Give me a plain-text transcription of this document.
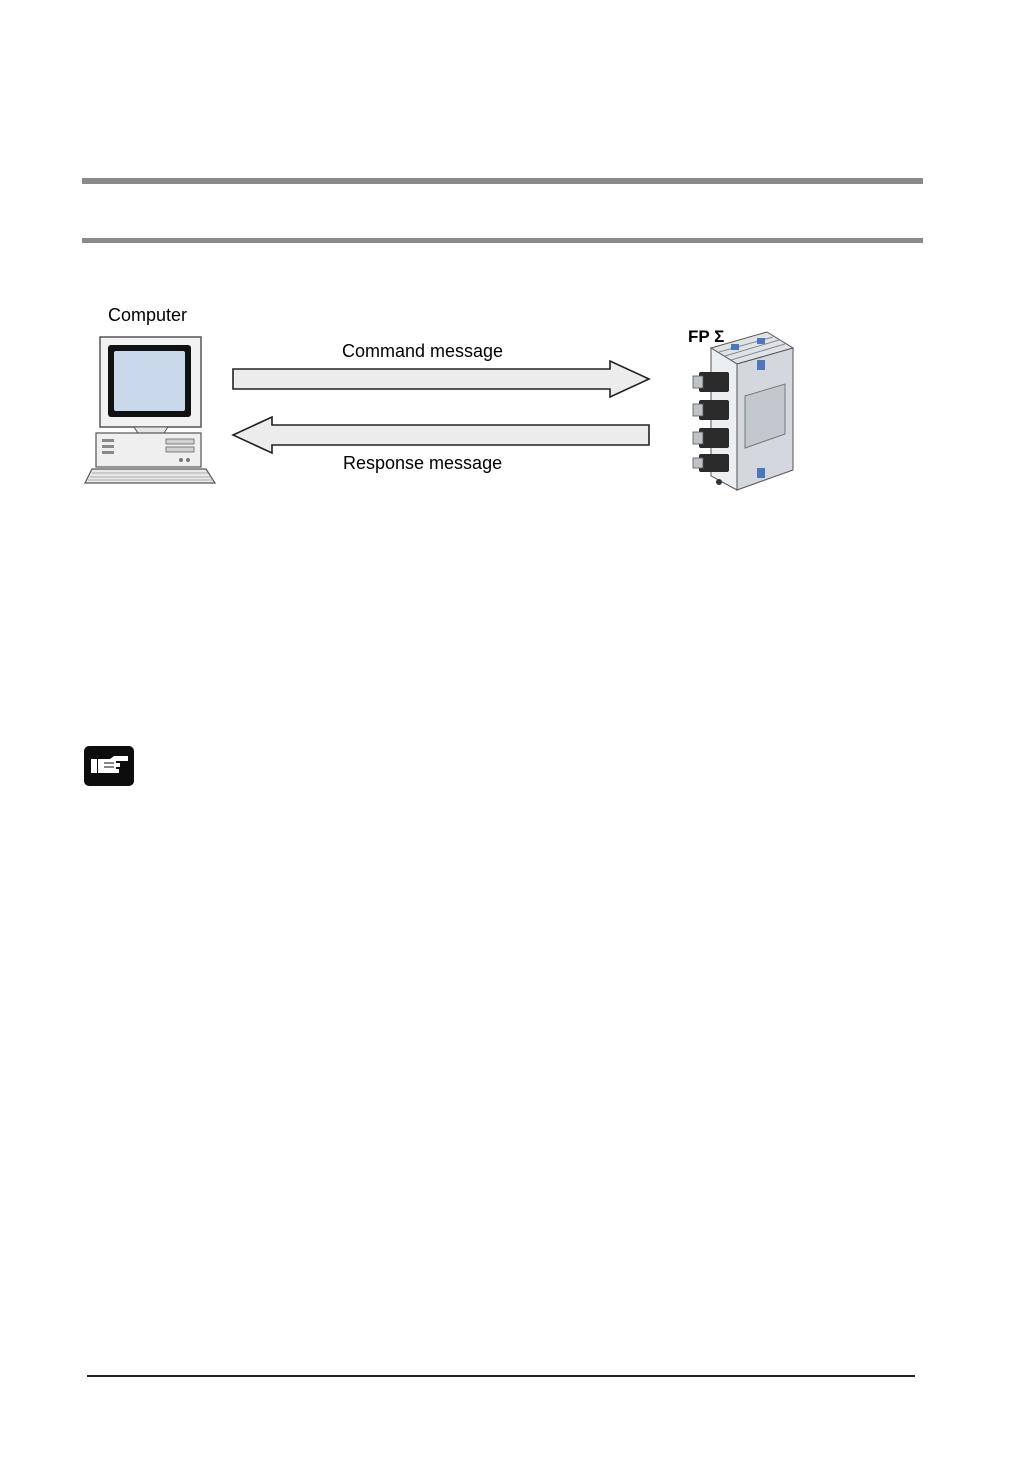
Computer
Command message
Response message
FP Σ
